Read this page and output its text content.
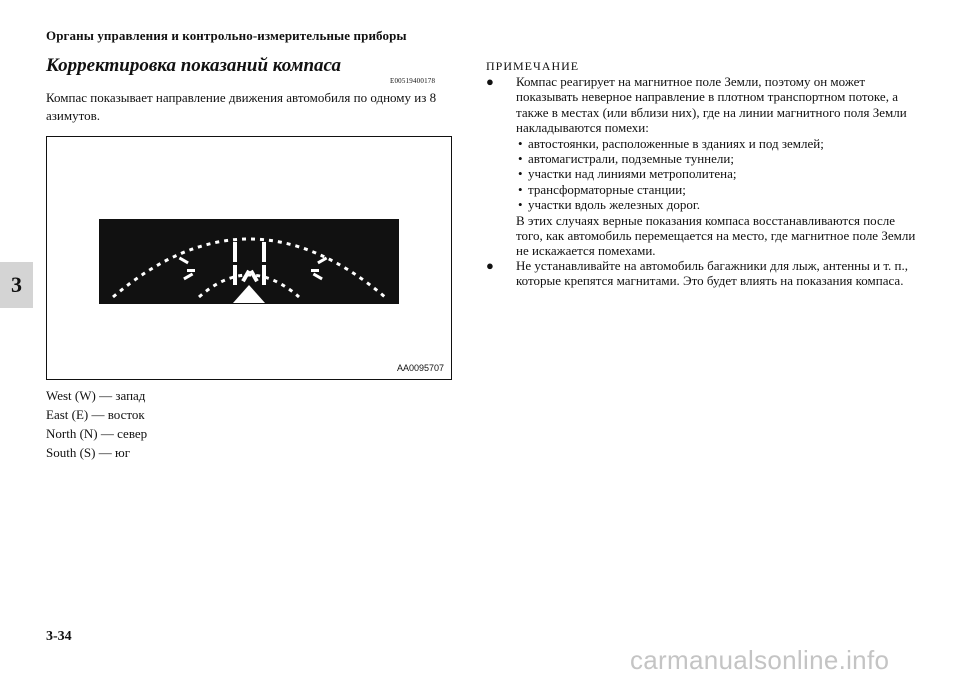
Органы управления и контрольно-измерительные приборы
3
Корректировка показаний компаса
E00519400178
Компас показывает направление движения автомобиля по одному из 8 азимутов.
AA0095707
West (W) — запад
East (E) — восток
North (N) — север
South (S) — юг
ПРИМЕЧАНИЕ
● Компас реагирует на магнитное поле Земли, поэтому он может показывать неверное направление в плотном транспортном потоке, а также в местах (или вблизи них), где на линии магнитного поля Земли накладываются помехи:
• автостоянки, расположенные в зданиях и под землей;
• автомагистрали, подземные туннели;
• участки над линиями метрополитена;
• трансформаторные станции;
• участки вдоль железных дорог.
В этих случаях верные показания компаса восстанавливаются после того, как автомобиль перемещается на место, где магнитное поле Земли не искажается помехами.
● Не устанавливайте на автомобиль багажники для лыж, антенны и т. п., которые крепятся магнитами. Это будет влиять на показания компаса.
3-34
carmanualsonline.info
